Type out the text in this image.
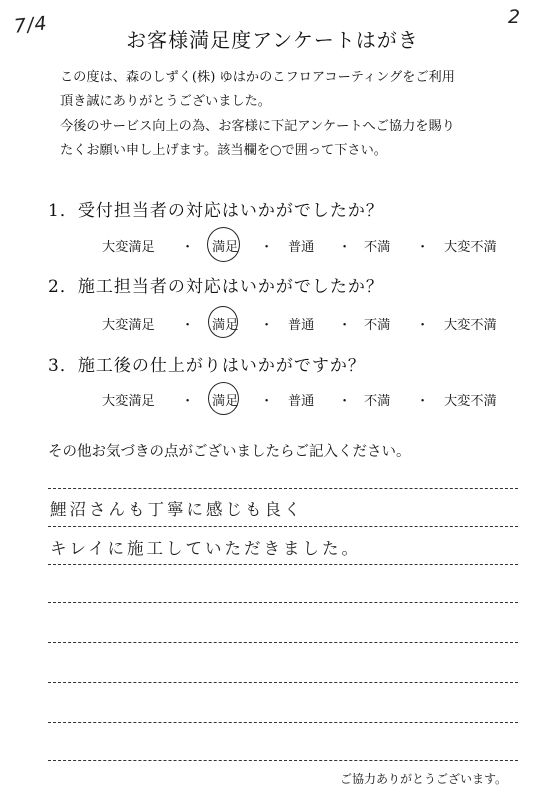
7/4	2
お客様満足度アンケートはがき

この度は、森のしずく(株) ゆはかのこフロアコーティングをご利用

頂き誠にありがとうございました。

今後のサービス向上の為、お客様に下記アンケートへご協力を賜り

たくお願い申し上げます。該当欄を○で囲って下さい。

1．受付担当者の対応はいかがでしたか？
大変満足 ・ 満足 ・ 普通 ・ 不満 ・ 大変不満
2．施工担当者の対応はいかがでしたか？
大変満足 ・ 満足 ・ 普通 ・ 不満 ・ 大変不満
3．施工後の仕上がりはいかがですか？
大変満足 ・ 満足 ・ 普通 ・ 不満 ・ 大変不満
その他お気づきの点がございましたらご記入ください。
鯉沼さんも丁寧に感じも良く
キレイに施工していただきました。
ご協力ありがとうございます。
